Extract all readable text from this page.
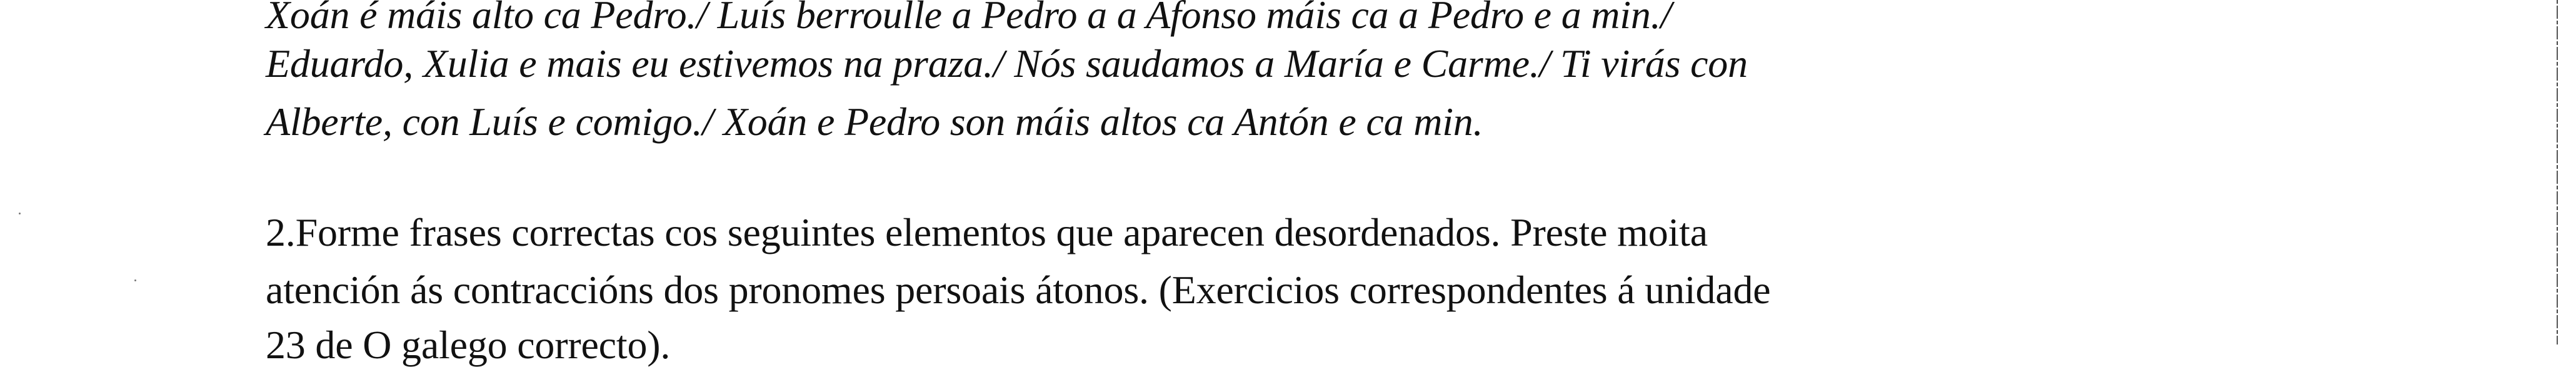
Xoán é máis alto ca Pedro./ Luís berroulle a Pedro a a Afonso máis ca a Pedro e a min./
Eduardo, Xulia e mais eu estivemos na praza./ Nós saudamos a María e Carme./ Ti virás con
Alberte, con Luís e comigo./ Xoán e Pedro son máis altos ca Antón e ca min.
2.Forme frases correctas cos seguintes elementos que aparecen desordenados. Preste moita
atención ás contraccións dos pronomes persoais átonos. (Exercicios correspondentes á unidade
23 de O galego correcto).
